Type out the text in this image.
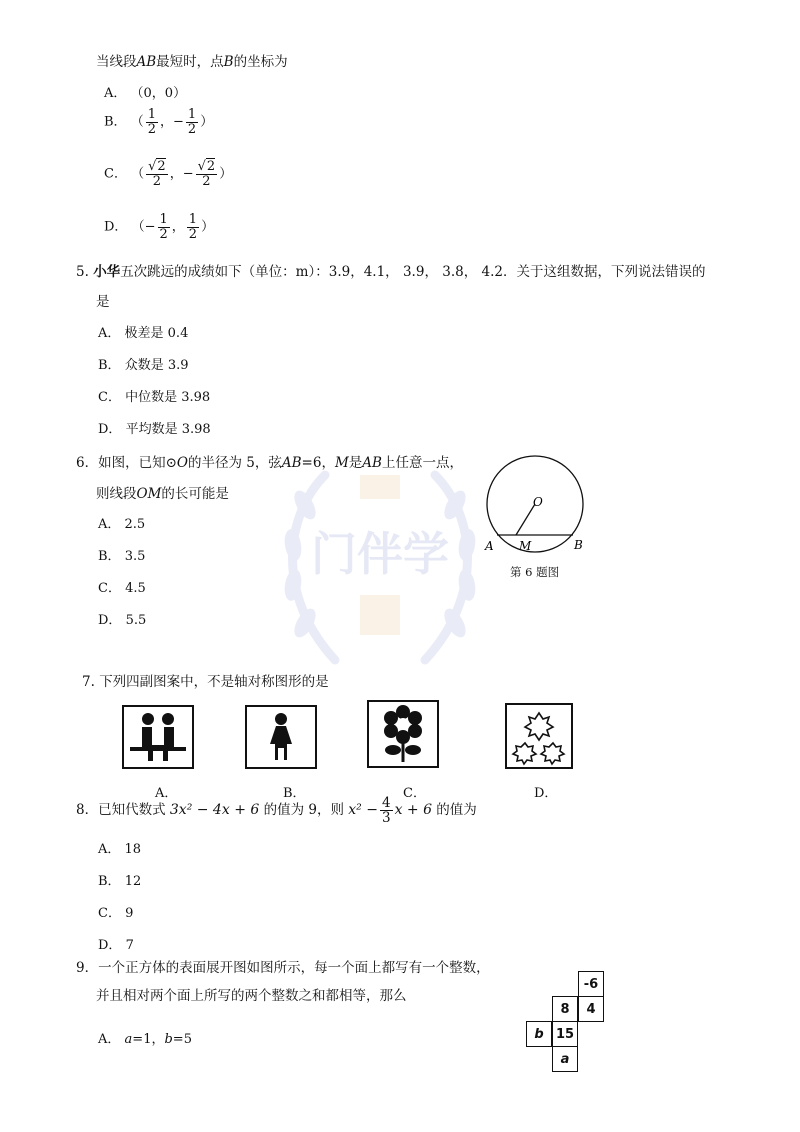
门伴学
当线段AB最短时，点B的坐标为
A． （0，0）
B． （ $\frac{1}{2}$ ，− $\frac{1}{2}$ ）
C． （ $\frac{√2}{2}$ ，− $\frac{√2}{2}$ ）
D． （− $\frac{1}{2}$ ， $\frac{1}{2}$ ）
5. 小华五次跳远的成绩如下（单位：m）：3.9，4.1， 3.9， 3.8， 4.2．关于这组数据，下列说法错误的
是
A． 极差是 0.4
B． 众数是 3.9
C． 中位数是 3.98
D． 平均数是 3.98
6．如图，已知⊙O的半径为 5，弦AB=6，M是AB上任意一点，
则线段OM的长可能是
A． 2.5
B． 3.5
C． 4.5
D． 5.5
O
A M	B
第 6 题图
7. 下列四副图案中，不是轴对称图形的是
A．	B．	C．	D．
8．已知代数式 3x² − 4x + 6 的值为 9，则 $x^2 - \frac{4}{3}$ x + 6 的值为
A． 18
B． 12
C． 9
D． 7
9．一个正方体的表面展开图如图所示，每一个面上都写有一个整数，
并且相对两个面上所写的两个整数之和都相等，那么
A． a=1，b=5
-6
8	4
b 15
a
